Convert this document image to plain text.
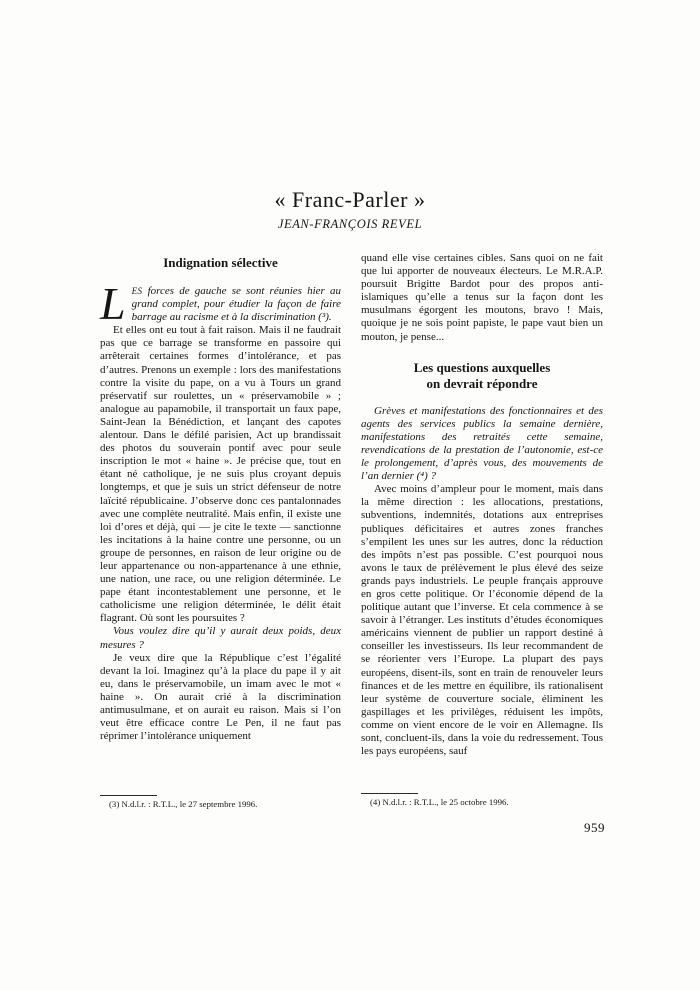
« Franc-Parler »
JEAN-FRANÇOIS REVEL
Indignation sélective

LES forces de gauche se sont réunies hier au grand complet, pour étudier la façon de faire barrage au racisme et à la discrimination (³).

Et elles ont eu tout à fait raison. Mais il ne faudrait pas que ce barrage se transforme en passoire qui arrêterait certaines formes d’intolérance, et pas d’autres. Prenons un exemple : lors des manifestations contre la visite du pape, on a vu à Tours un grand préservatif sur roulettes, un « préservamobile » ; analogue au papamobile, il transportait un faux pape, Saint-Jean la Bénédiction, et lançant des capotes alentour. Dans le défilé parisien, Act up brandissait des photos du souverain pontif avec pour seule inscription le mot « haine ». Je précise que, tout en étant né catholique, je ne suis plus croyant depuis longtemps, et que je suis un strict défenseur de notre laïcité républicaine. J’observe donc ces pantalonnades avec une complète neutralité. Mais enfin, il existe une loi d’ores et déjà, qui — je cite le texte — sanctionne les incitations à la haine contre une personne, ou un groupe de personnes, en raison de leur origine ou de leur appartenance ou non-appartenance à une ethnie, une nation, une race, ou une religion déterminée. Le pape étant incontestablement une personne, et le catholicisme une religion déterminée, le délit était flagrant. Où sont les poursuites ?

Vous voulez dire qu’il y aurait deux poids, deux mesures ?

Je veux dire que la République c’est l’égalité devant la loi. Imaginez qu’à la place du pape il y ait eu, dans le préservamobile, un imam avec le mot « haine ». On aurait crié à la discrimination antimusulmane, et on aurait eu raison. Mais si l’on veut être efficace contre Le Pen, il ne faut pas réprimer l’intolérance uniquement

quand elle vise certaines cibles. Sans quoi on ne fait que lui apporter de nouveaux électeurs. Le M.R.A.P. poursuit Brigitte Bardot pour des propos anti-islamiques qu’elle a tenus sur la façon dont les musulmans égorgent les moutons, bravo ! Mais, quoique je ne sois point papiste, le pape vaut bien un mouton, je pense...

Les questions auxquelles
on devrait répondre

Grèves et manifestations des fonctionnaires et des agents des services publics la semaine dernière, manifestations des retraités cette semaine, revendications de la prestation de l’autonomie, est-ce le prolongement, d’après vous, des mouvements de l’an dernier (⁴) ?

Avec moins d’ampleur pour le moment, mais dans la même direction : les allocations, prestations, subventions, indemnités, dotations aux entreprises publiques déficitaires et autres zones franches s’empilent les unes sur les autres, donc la réduction des impôts n’est pas possible. C’est pourquoi nous avons le taux de prélèvement le plus élevé des seize grands pays industriels. Le peuple français approuve en gros cette politique. Or l’économie dépend de la politique autant que l’inverse. Et cela commence à se savoir à l’étranger. Les instituts d’études économiques américains viennent de publier un rapport destiné à conseiller les investisseurs. Ils leur recommandent de se réorienter vers l’Europe. La plupart des pays européens, disent-ils, sont en train de renouveler leurs finances et de les mettre en équilibre, ils rationalisent leur système de couverture sociale, éliminent les gaspillages et les privilèges, réduisent les impôts, comme on vient encore de le voir en Allemagne. Ils sont, concluent-ils, dans la voie du redressement. Tous les pays européens, sauf

(3) N.d.l.r. : R.T.L., le 27 septembre 1996.	(4) N.d.l.r. : R.T.L., le 25 octobre 1996.
959
